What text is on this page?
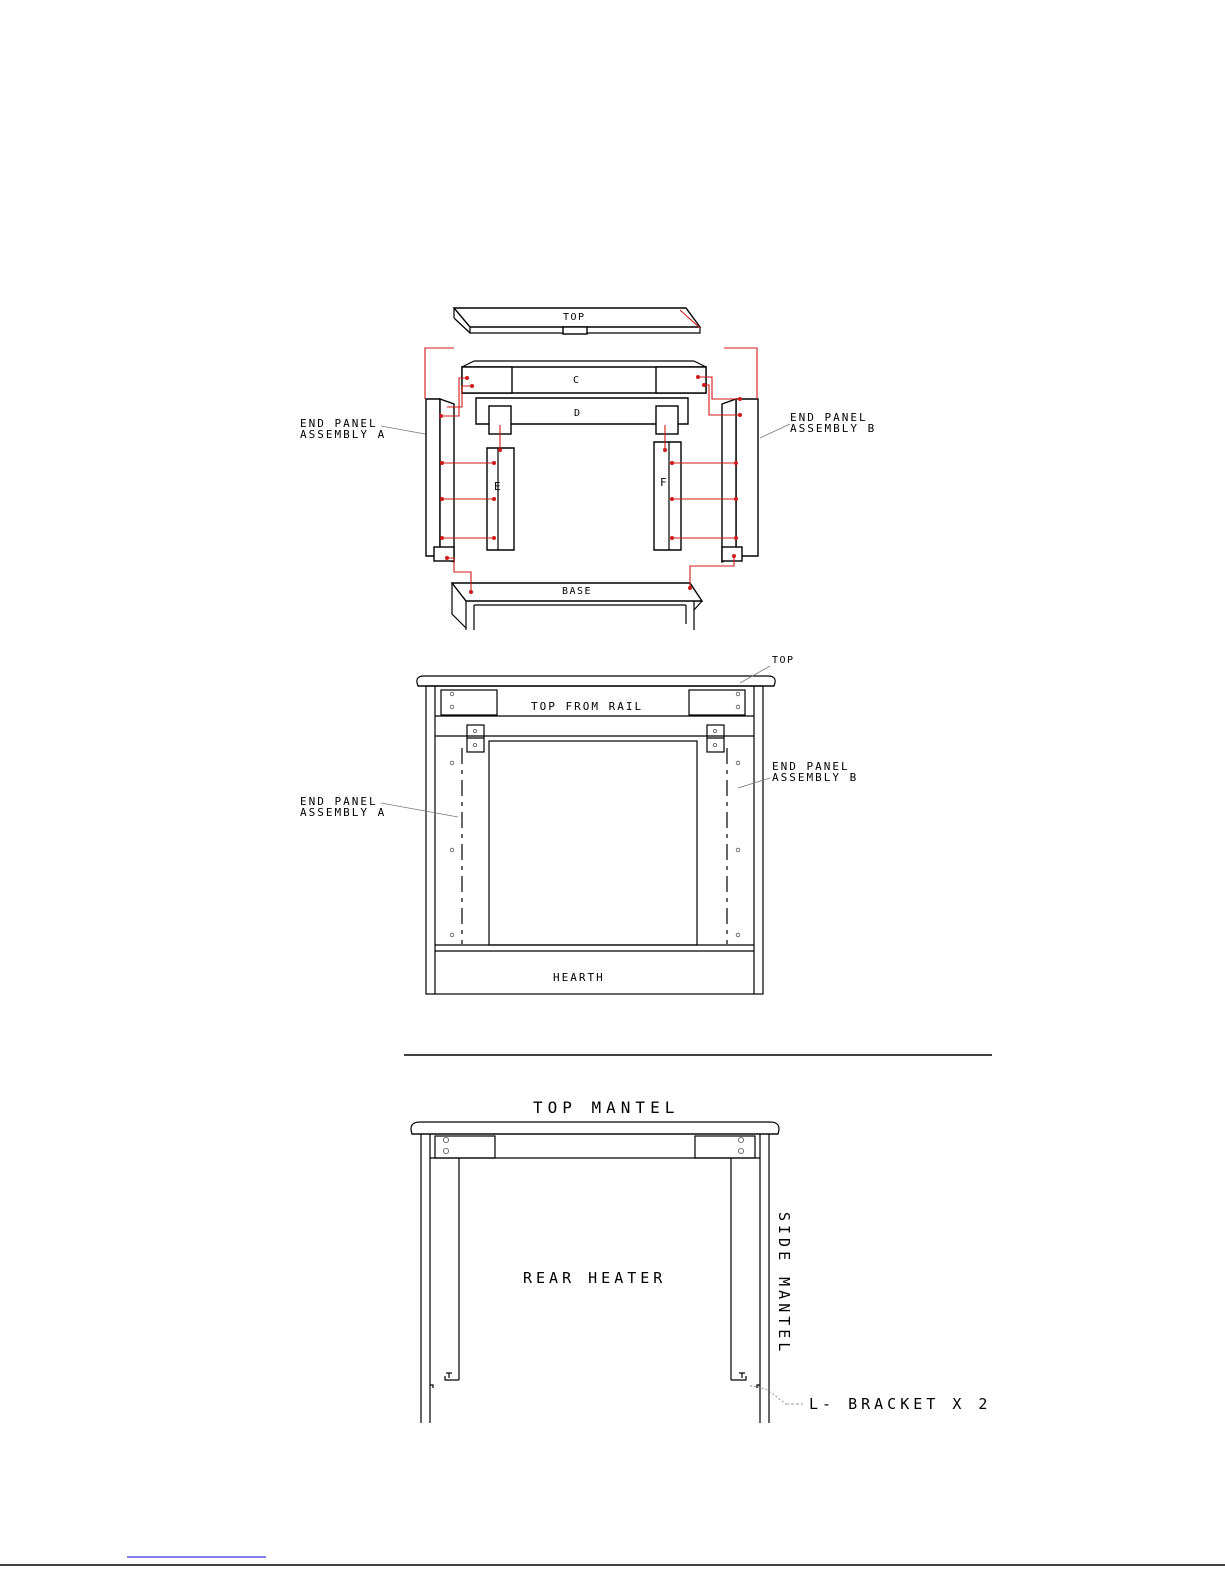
TOP
C
D
E	F
BASE
END PANEL
ASSEMBLY A
END PANEL
ASSEMBLY B
TOP FROM RAIL
HEARTH
TOP
END PANEL
ASSEMBLY A
END PANEL
ASSEMBLY B
TOP MANTEL
REAR HEATER	SIDE MANTEL
L- BRACKET X 2
